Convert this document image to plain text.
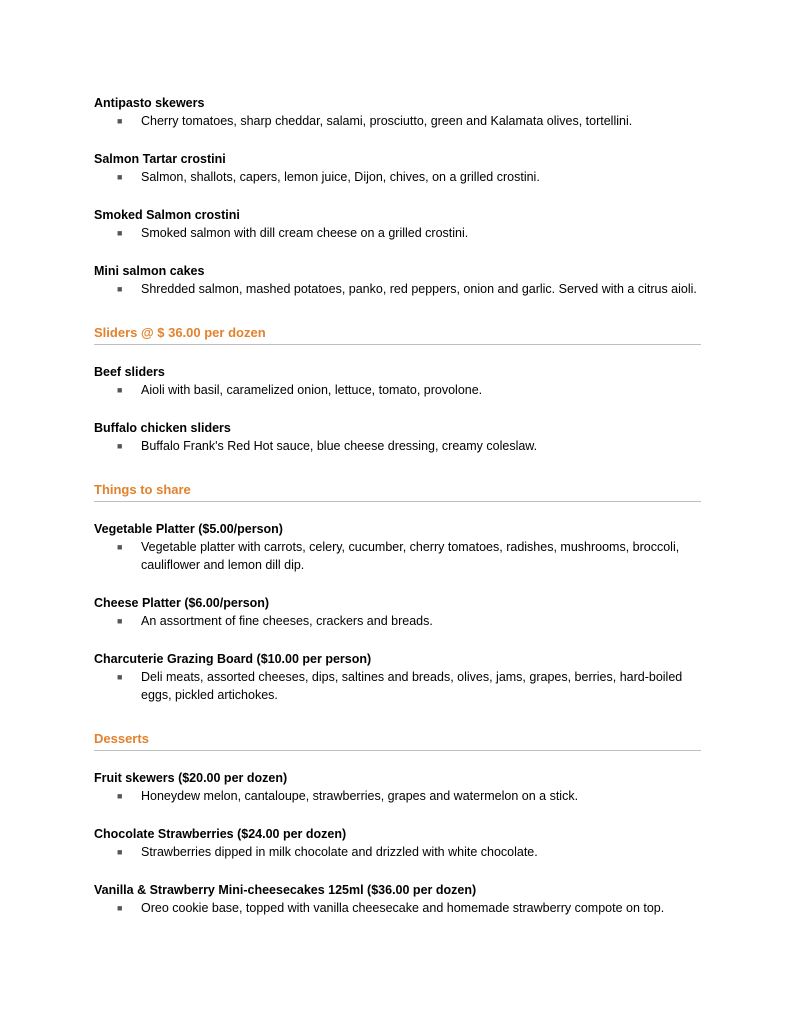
Antipasto skewers

■ Cherry tomatoes, sharp cheddar, salami, prosciutto, green and Kalamata olives, tortellini.

Salmon Tartar crostini

■ Salmon, shallots, capers, lemon juice, Dijon, chives, on a grilled crostini.

Smoked Salmon crostini

■ Smoked salmon with dill cream cheese on a grilled crostini.

Mini salmon cakes

■ Shredded salmon, mashed potatoes, panko, red peppers, onion and garlic. Served with a citrus aioli.

Sliders @ $ 36.00 per dozen

Beef sliders

■ Aioli with basil, caramelized onion, lettuce, tomato, provolone.

Buffalo chicken sliders

■ Buffalo Frank's Red Hot sauce, blue cheese dressing, creamy coleslaw.

Things to share

Vegetable Platter ($5.00/person)

■ Vegetable platter with carrots, celery, cucumber, cherry tomatoes, radishes, mushrooms, broccoli, cauliflower and lemon dill dip.

Cheese Platter ($6.00/person)

■ An assortment of fine cheeses, crackers and breads.

Charcuterie Grazing Board ($10.00 per person)

■ Deli meats, assorted cheeses, dips, saltines and breads, olives, jams, grapes, berries, hard-boiled eggs, pickled artichokes.

Desserts

Fruit skewers ($20.00 per dozen)

■ Honeydew melon, cantaloupe, strawberries, grapes and watermelon on a stick.

Chocolate Strawberries ($24.00 per dozen)

■ Strawberries dipped in milk chocolate and drizzled with white chocolate.

Vanilla & Strawberry Mini-cheesecakes 125ml ($36.00 per dozen)

■ Oreo cookie base, topped with vanilla cheesecake and homemade strawberry compote on top.
